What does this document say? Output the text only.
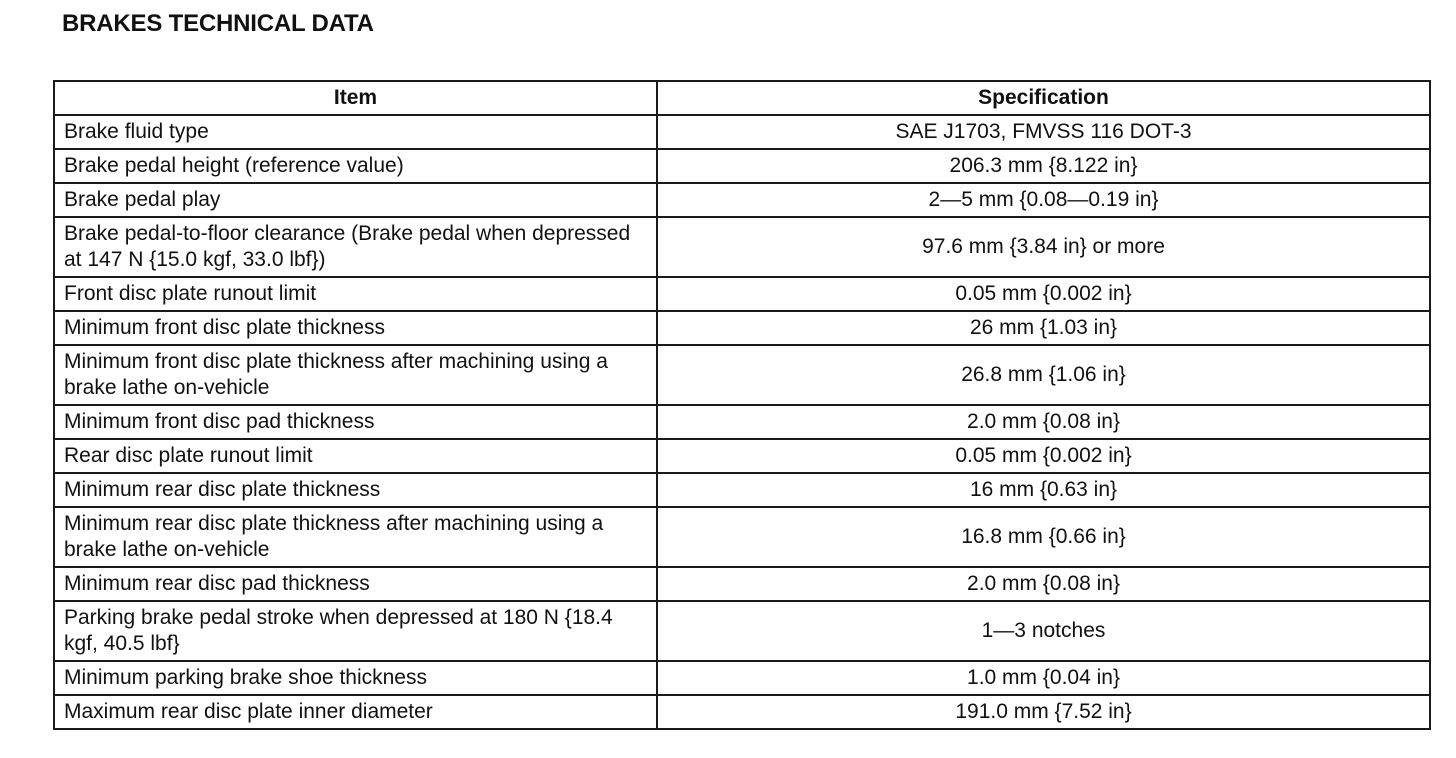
BRAKES TECHNICAL DATA
Item	Specification
Brake fluid type	SAE J1703, FMVSS 116 DOT-3
Brake pedal height (reference value)	206.3 mm {8.122 in}
Brake pedal play	2—5 mm {0.08—0.19 in}
Brake pedal-to-floor clearance (Brake pedal when depressed at 147 N {15.0 kgf, 33.0 lbf})	97.6 mm {3.84 in} or more
Front disc plate runout limit	0.05 mm {0.002 in}
Minimum front disc plate thickness	26 mm {1.03 in}
Minimum front disc plate thickness after machining using a brake lathe on-vehicle	26.8 mm {1.06 in}
Minimum front disc pad thickness	2.0 mm {0.08 in}
Rear disc plate runout limit	0.05 mm {0.002 in}
Minimum rear disc plate thickness	16 mm {0.63 in}
Minimum rear disc plate thickness after machining using a brake lathe on-vehicle	16.8 mm {0.66 in}
Minimum rear disc pad thickness	2.0 mm {0.08 in}
Parking brake pedal stroke when depressed at 180 N {18.4 kgf, 40.5 lbf}	1—3 notches
Minimum parking brake shoe thickness	1.0 mm {0.04 in}
Maximum rear disc plate inner diameter	191.0 mm {7.52 in}
